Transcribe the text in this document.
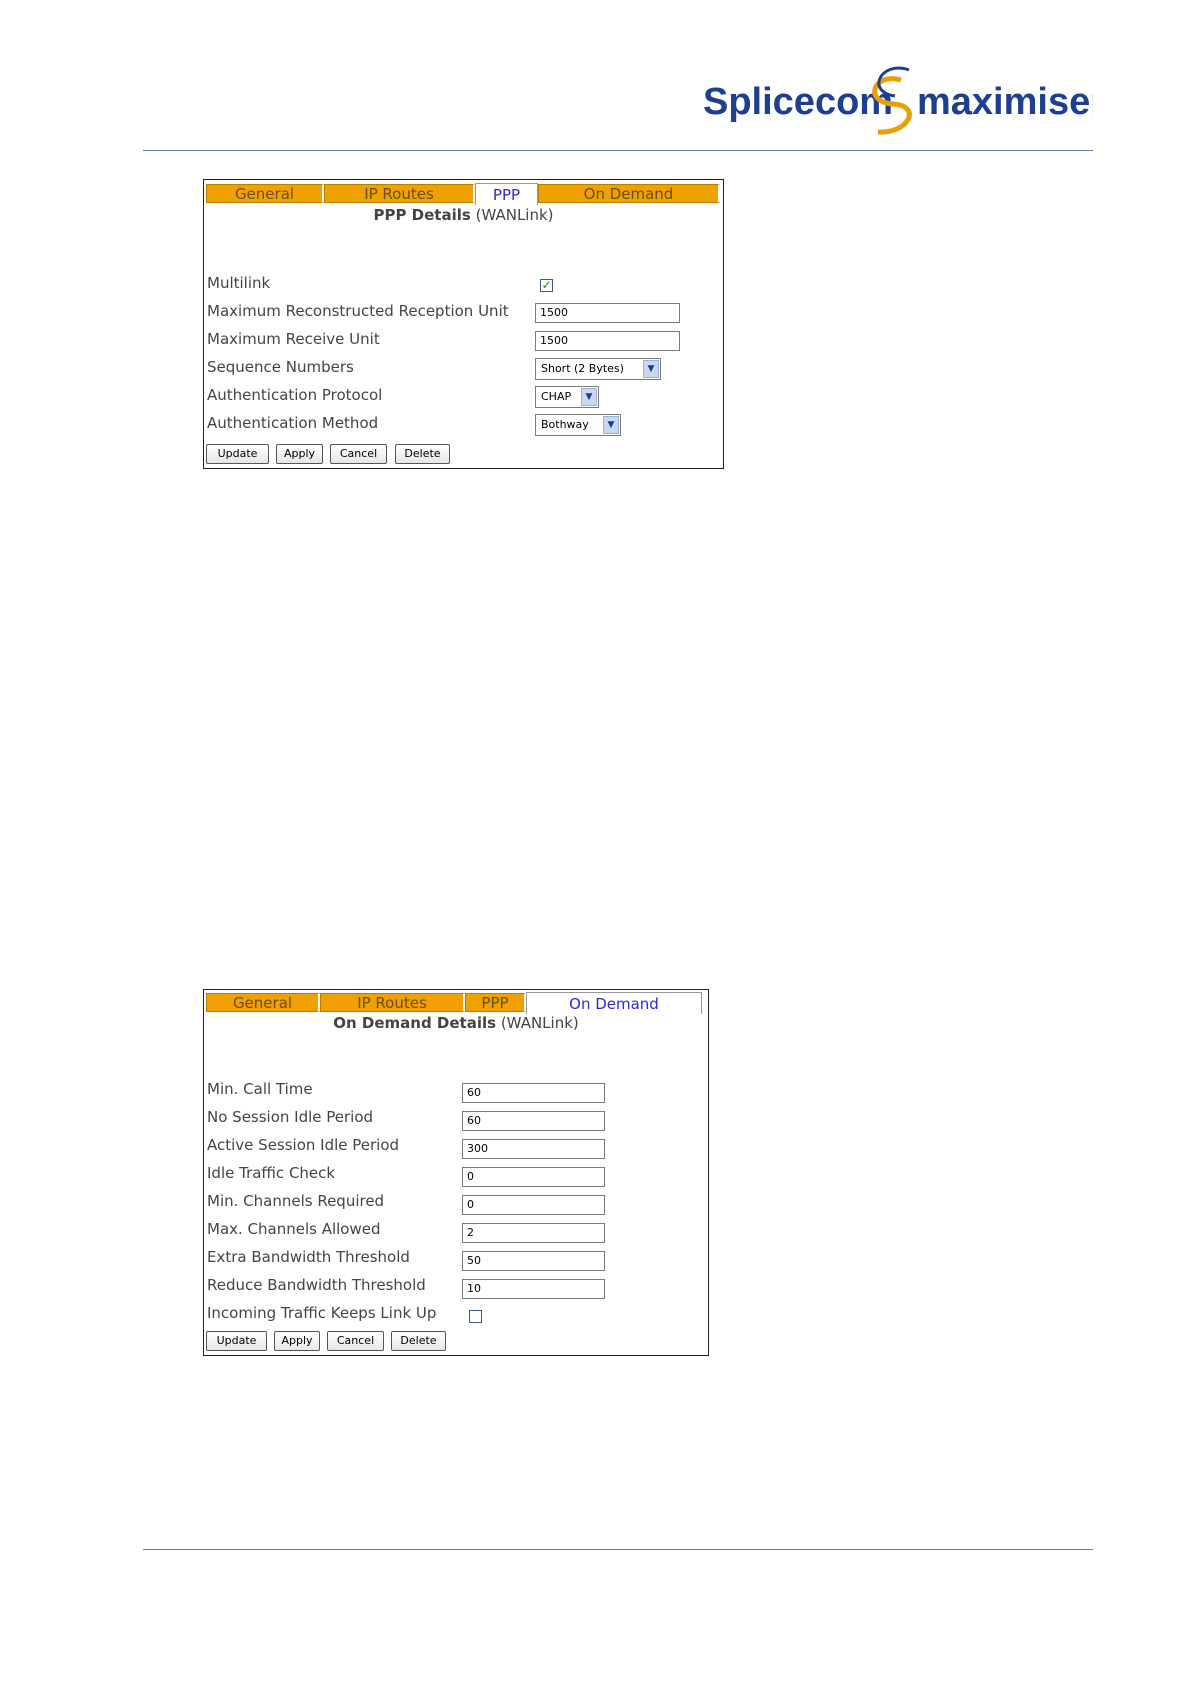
Splicecom maximiser
General	IP Routes	PPP	On Demand
PPP Details (WANLink)
Multilink	✓
Maximum Reconstructed Reception Unit	1500
Maximum Receive Unit	1500
Sequence Numbers	Short (2 Bytes)	▼
Authentication Protocol	CHAP	▼
Authentication Method	Bothway	▼
Update	Apply	Cancel	Delete
General	IP Routes	PPP	On Demand
On Demand Details (WANLink)
Min. Call Time	60
No Session Idle Period	60
Active Session Idle Period	300
Idle Traffic Check	0
Min. Channels Required	0
Max. Channels Allowed	2
Extra Bandwidth Threshold	50
Reduce Bandwidth Threshold	10
Incoming Traffic Keeps Link Up
Update	Apply	Cancel	Delete
